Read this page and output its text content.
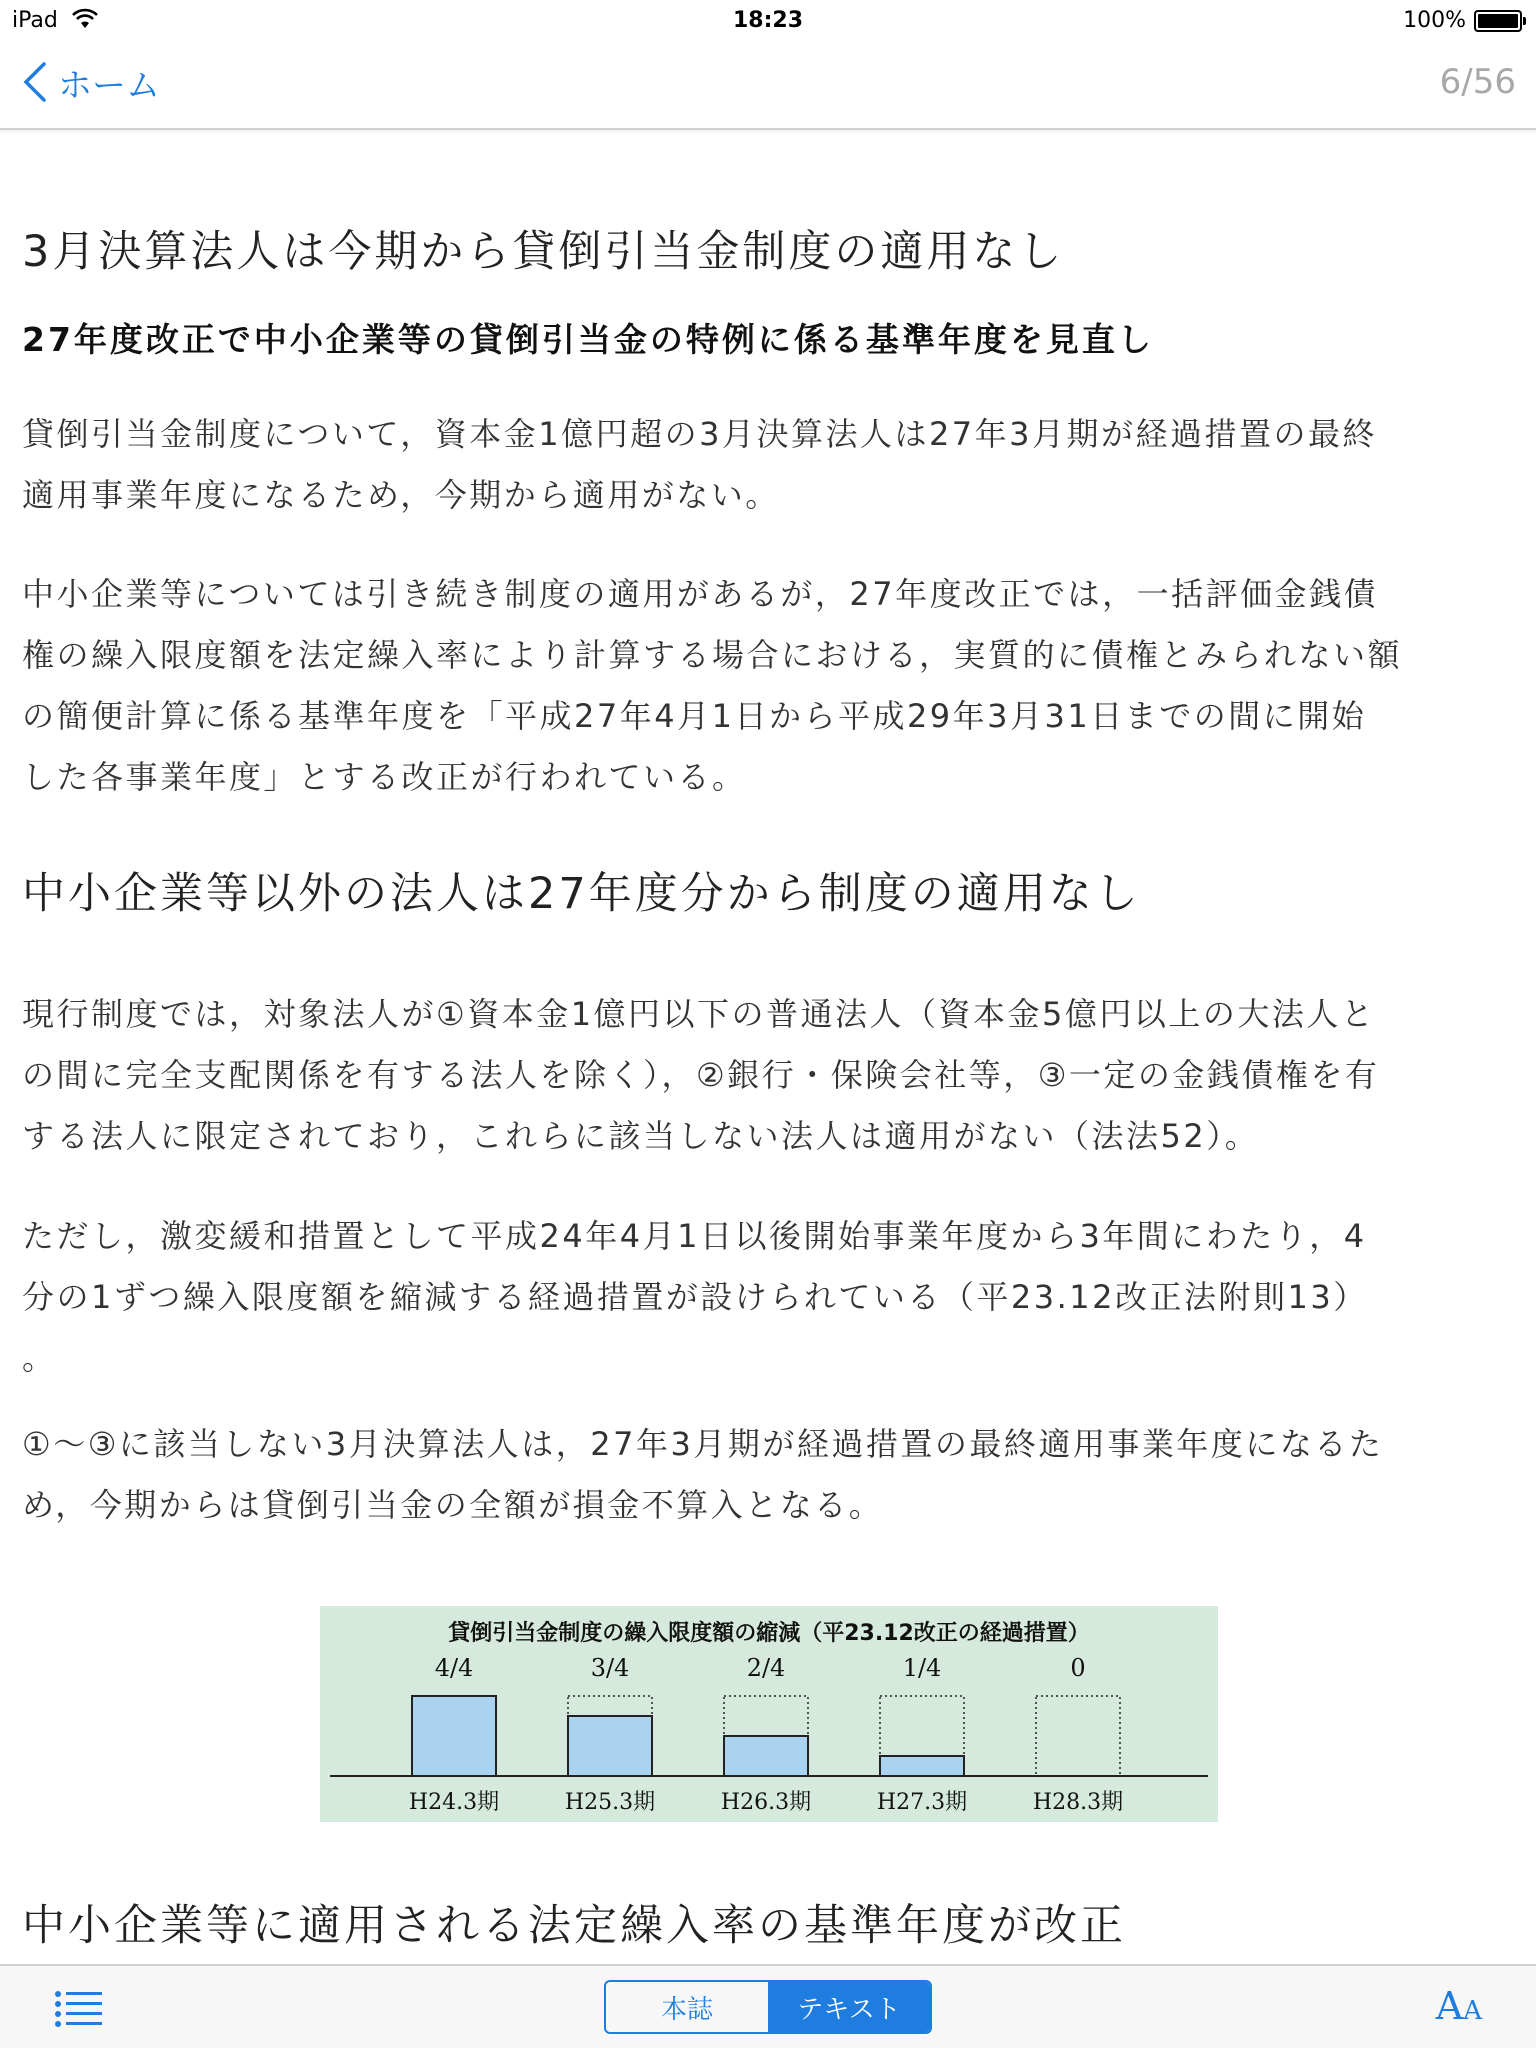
iPad	18:23	100%
ホーム	6/56
3月決算法人は今期から貸倒引当金制度の適用なし
27年度改正で中小企業等の貸倒引当金の特例に係る基準年度を見直し
貸倒引当金制度について，資本金1億円超の3月決算法人は27年3月期が経過措置の最終
適用事業年度になるため，今期から適用がない。
中小企業等については引き続き制度の適用があるが，27年度改正では，一括評価金銭債
権の繰入限度額を法定繰入率により計算する場合における，実質的に債権とみられない額
の簡便計算に係る基準年度を「平成27年4月1日から平成29年3月31日までの間に開始
した各事業年度」とする改正が行われている。
中小企業等以外の法人は27年度分から制度の適用なし
現行制度では，対象法人が①資本金1億円以下の普通法人（資本金5億円以上の大法人と
の間に完全支配関係を有する法人を除く），②銀行・保険会社等，③一定の金銭債権を有
する法人に限定されており，これらに該当しない法人は適用がない（法法52）。
ただし，激変緩和措置として平成24年4月1日以後開始事業年度から3年間にわたり，4
分の1ずつ繰入限度額を縮減する経過措置が設けられている（平23.12改正法附則13）
。
①～③に該当しない3月決算法人は，27年3月期が経過措置の最終適用事業年度になるた
め，今期からは貸倒引当金の全額が損金不算入となる。
貸倒引当金制度の繰入限度額の縮減（平23.12改正の経過措置）
4/4
H24.3期
3/4
H25.3期
2/4
H26.3期
1/4
H27.3期
0
H28.3期
中小企業等に適用される法定繰入率の基準年度が改正
本誌	テキスト	AA
